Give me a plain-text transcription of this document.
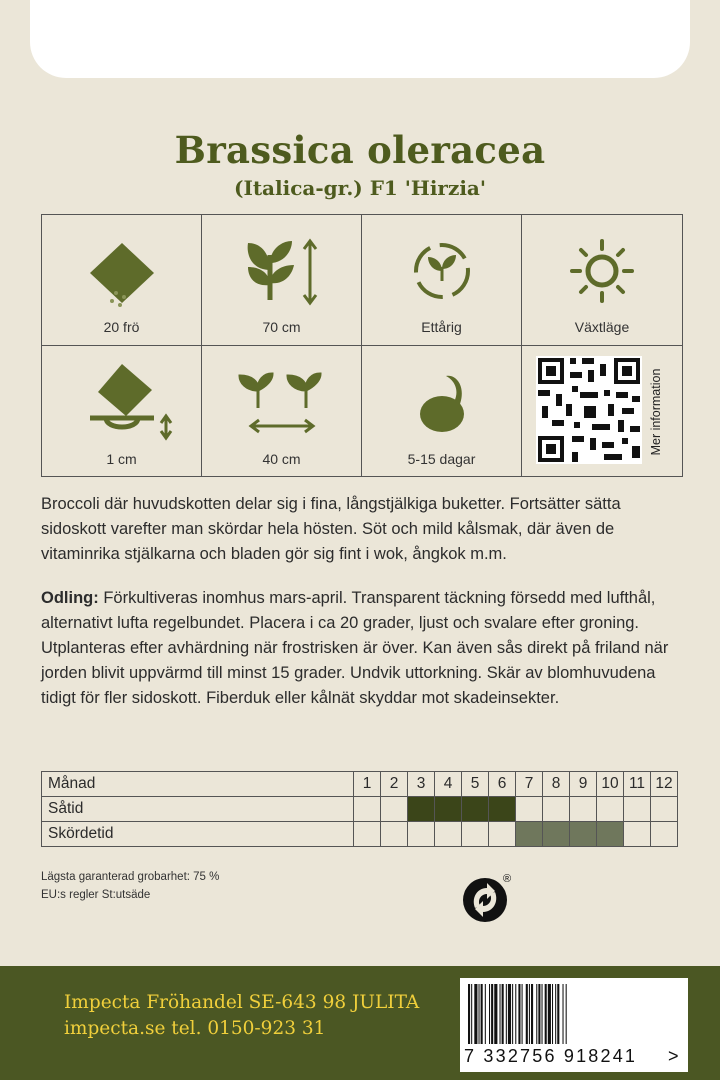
Brassica oleracea
(Italica-gr.) F1 'Hirzia'
20 frö	70 cm	Ettårig	Växtläge
1 cm	40 cm	5-15 dagar
Mer information
Broccoli där huvudskotten delar sig i fina, långstjälkiga buketter. Fortsätter sätta sidoskott varefter man skördar hela hösten. Söt och mild kålsmak, där även de vitaminrika stjälkarna och bladen gör sig fint i wok, ångkok m.m.
Odling: Förkultiveras inomhus mars-april. Transparent täckning försedd med lufthål, alternativt lufta regelbundet. Placera i ca 20 grader, ljust och svalare efter groning. Utplanteras efter avhärdning när frostrisken är över. Kan även sås direkt på friland när jorden blivit uppvärmd till minst 15 grader. Undvik uttorkning. Skär av blomhuvudena tidigt för fler sidoskott. Fiberduk eller kålnät skyddar mot skadeinsekter.
Månad	1	2	3	4	5	6	7	8	9	10	11	12
Såtid												
Skördetid												
Lägsta garanterad grobarhet: 75 %
EU:s regler St:utsäde
®
Impecta Fröhandel SE-643 98 JULITA
impecta.se tel. 0150-923 31
7 332756 918241 >
